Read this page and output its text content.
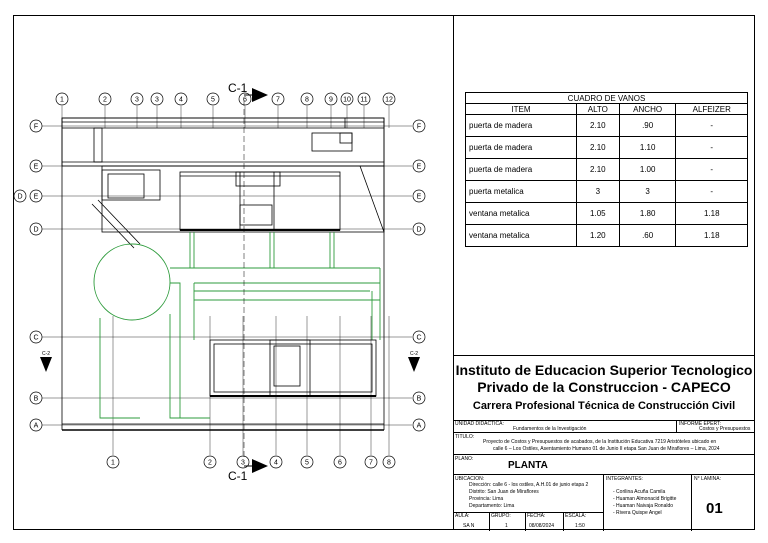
1	2	3 3	4	5	6	7	8	9 10 11 12
1	2	3	4	5	6	7 8
F	F
E	E
E	E
D	D
C	C
B	B
A	A
D
C-1
C-1
C-2	C-2
CUADRO DE VANOS			
ITEM	ALTO	ANCHO	ALFEIZER
puerta de madera	2.10	.90	-
puerta de madera	2.10	1.10	-
puerta de madera	2.10	1.00	-
puerta metalica	3	3	-
ventana metalica	1.05	1.80	1.18
ventana metalica	1.20	.60	1.18
Instituto de Educacion Superior Tecnologico
Privado de la Construccion - CAPECO
Carrera Profesional Técnica de Construcción Civil
UNIDAD DIDACTICA:
Fundamentos de la Investigación
INFORME EPERT:
Costos y Presupuestos
TITULO:
Proyecto de Costos y Presupuestos de acabados, de la Institución Educativa 7219 Aristóteles ubicado en
calle 6 – Los Ostiles, Asentamiento Humano 01 de Junio II etapa San Juan de Miraflores – Lima, 2024
PLANO:
PLANTA
UBICACION:
Dirección: calle 6 - los ostiles, A.H.01 de junio etapa 2
Distrito: San Juan de Miraflores
Provincia: Lima
Departamento: Lima
INTEGRANTES:
- Corilina Acuña Camila
- Huaman Almonacid Brigitte
- Huaman Naivaja Ronaldo
- Rivera Quispe Angel
N° LAMINA:
01
AULA:
SA N
GRUPO:
1
FECHA:
08/08/2024
ESCALA:
1:50
